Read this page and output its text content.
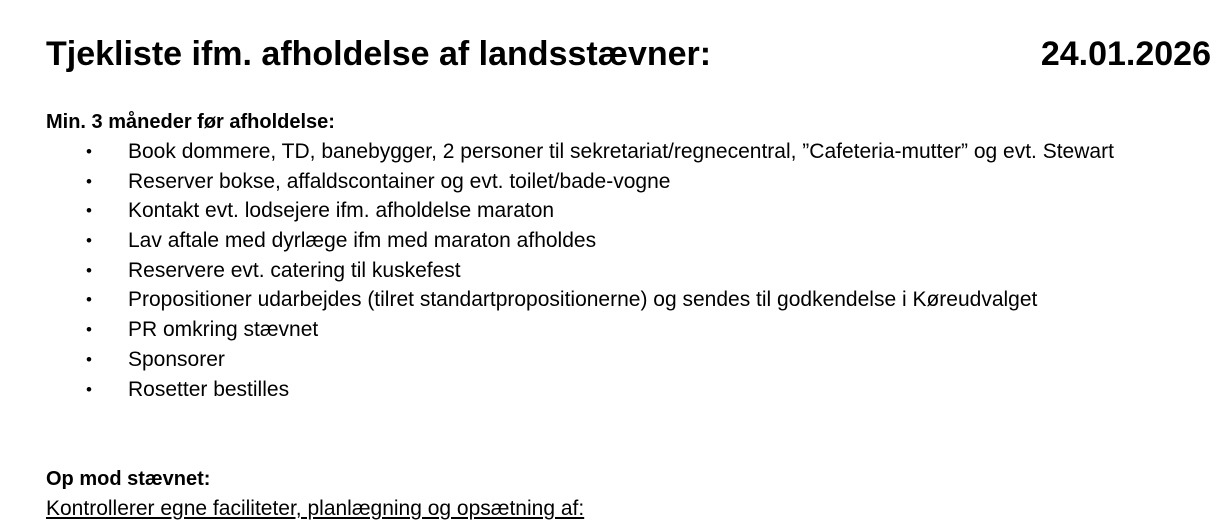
Tjekliste ifm. afholdelse af landsstævner:	24.01.2026
Min. 3 måneder før afholdelse:
• Book dommere, TD, banebygger, 2 personer til sekretariat/regnecentral, ”Cafeteria-mutter” og evt. Stewart
• Reserver bokse, affaldscontainer og evt. toilet/bade-vogne
• Kontakt evt. lodsejere ifm. afholdelse maraton
• Lav aftale med dyrlæge ifm med maraton afholdes
• Reservere evt. catering til kuskefest
• Propositioner udarbejdes (tilret standartpropositionerne) og sendes til godkendelse i Køreudvalget
• PR omkring stævnet
• Sponsorer
• Rosetter bestilles
Op mod stævnet:
Kontrollerer egne faciliteter, planlægning og opsætning af:
